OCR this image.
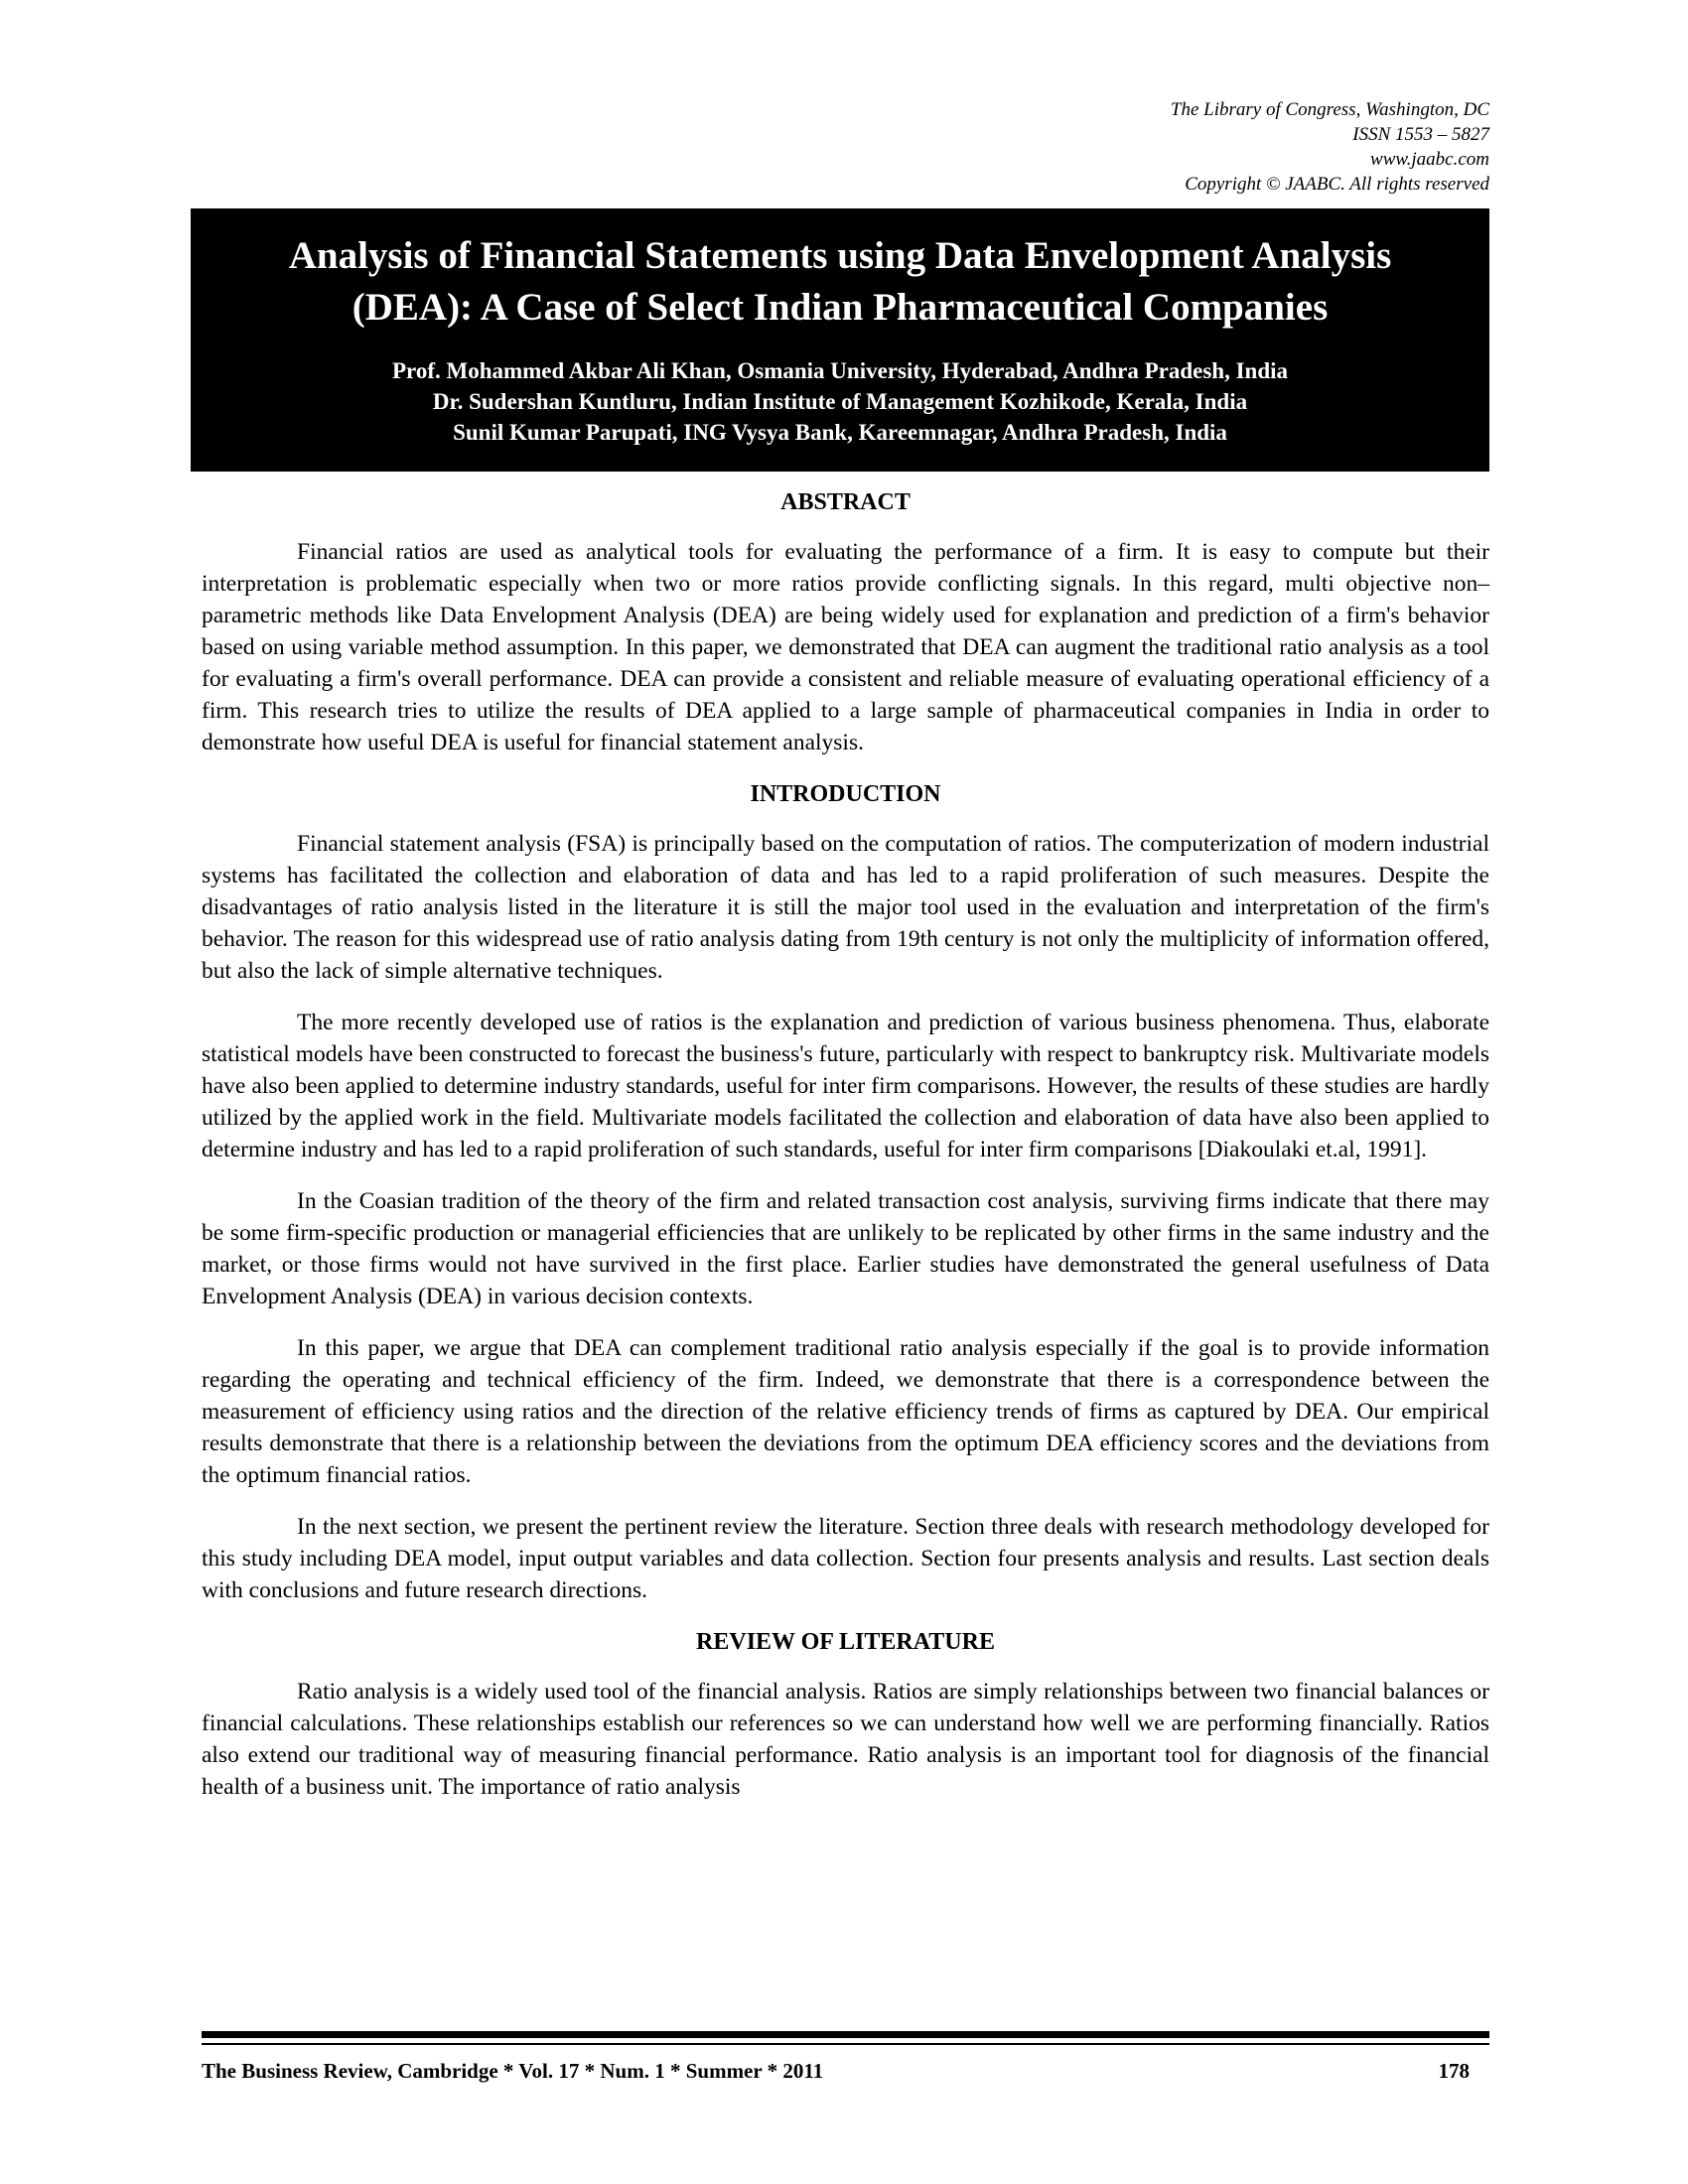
The Library of Congress, Washington, DC
ISSN 1553 – 5827
www.jaabc.com
Copyright © JAABC. All rights reserved
Analysis of Financial Statements using Data Envelopment Analysis
(DEA): A Case of Select Indian Pharmaceutical Companies
Prof. Mohammed Akbar Ali Khan, Osmania University, Hyderabad, Andhra Pradesh, India
Dr. Sudershan Kuntluru, Indian Institute of Management Kozhikode, Kerala, India
Sunil Kumar Parupati, ING Vysya Bank, Kareemnagar, Andhra Pradesh, India
ABSTRACT

Financial ratios are used as analytical tools for evaluating the performance of a firm. It is easy to compute but their interpretation is problematic especially when two or more ratios provide conflicting signals. In this regard, multi objective non–parametric methods like Data Envelopment Analysis (DEA) are being widely used for explanation and prediction of a firm's behavior based on using variable method assumption. In this paper, we demonstrated that DEA can augment the traditional ratio analysis as a tool for evaluating a firm's overall performance. DEA can provide a consistent and reliable measure of evaluating operational efficiency of a firm. This research tries to utilize the results of DEA applied to a large sample of pharmaceutical companies in India in order to demonstrate how useful DEA is useful for financial statement analysis.

INTRODUCTION

Financial statement analysis (FSA) is principally based on the computation of ratios. The computerization of modern industrial systems has facilitated the collection and elaboration of data and has led to a rapid proliferation of such measures. Despite the disadvantages of ratio analysis listed in the literature it is still the major tool used in the evaluation and interpretation of the firm's behavior. The reason for this widespread use of ratio analysis dating from 19th century is not only the multiplicity of information offered, but also the lack of simple alternative techniques.

The more recently developed use of ratios is the explanation and prediction of various business phenomena. Thus, elaborate statistical models have been constructed to forecast the business's future, particularly with respect to bankruptcy risk. Multivariate models have also been applied to determine industry standards, useful for inter firm comparisons. However, the results of these studies are hardly utilized by the applied work in the field. Multivariate models facilitated the collection and elaboration of data have also been applied to determine industry and has led to a rapid proliferation of such standards, useful for inter firm comparisons [Diakoulaki et.al, 1991].

In the Coasian tradition of the theory of the firm and related transaction cost analysis, surviving firms indicate that there may be some firm-specific production or managerial efficiencies that are unlikely to be replicated by other firms in the same industry and the market, or those firms would not have survived in the first place. Earlier studies have demonstrated the general usefulness of Data Envelopment Analysis (DEA) in various decision contexts.

In this paper, we argue that DEA can complement traditional ratio analysis especially if the goal is to provide information regarding the operating and technical efficiency of the firm. Indeed, we demonstrate that there is a correspondence between the measurement of efficiency using ratios and the direction of the relative efficiency trends of firms as captured by DEA. Our empirical results demonstrate that there is a relationship between the deviations from the optimum DEA efficiency scores and the deviations from the optimum financial ratios.

In the next section, we present the pertinent review the literature. Section three deals with research methodology developed for this study including DEA model, input output variables and data collection. Section four presents analysis and results. Last section deals with conclusions and future research directions.

REVIEW OF LITERATURE

Ratio analysis is a widely used tool of the financial analysis. Ratios are simply relationships between two financial balances or financial calculations. These relationships establish our references so we can understand how well we are performing financially. Ratios also extend our traditional way of measuring financial performance. Ratio analysis is an important tool for diagnosis of the financial health of a business unit. The importance of ratio analysis

The Business Review, Cambridge * Vol. 17 * Num. 1 * Summer * 2011	178
